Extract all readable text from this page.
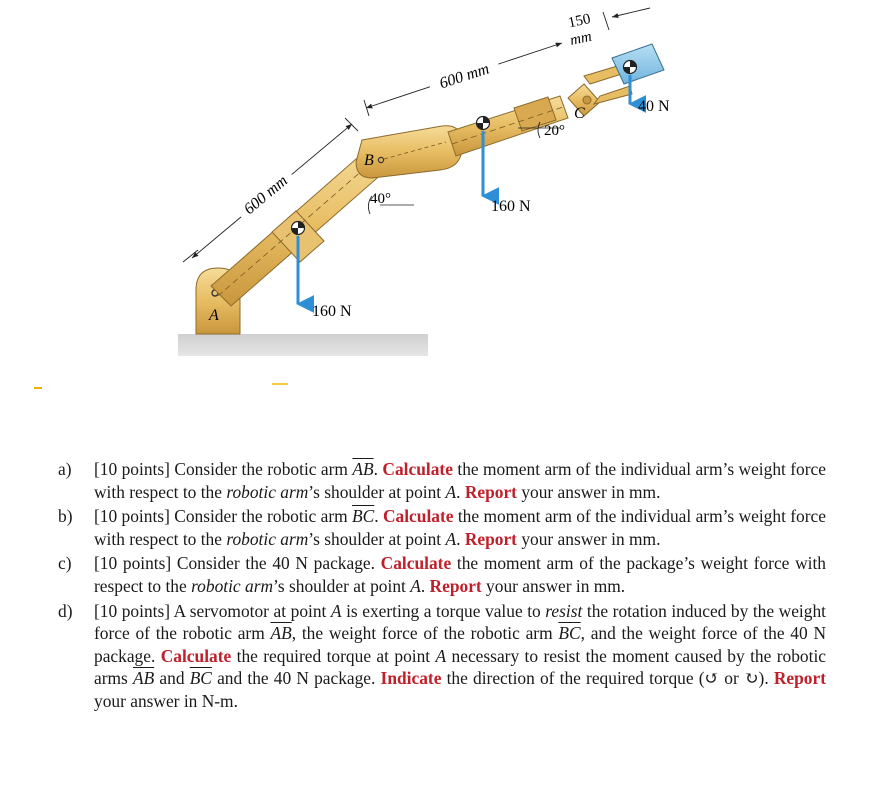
600 mm
160 N
A
B
40°
600 mm
160 N
20°
C	40 N
150
mm
a) [10 points] Consider the robotic arm $\overline{AB}$. Calculate the moment arm of the individual arm’s weight force with respect to the robotic arm’s shoulder at point A. Report your answer in mm.
b) [10 points] Consider the robotic arm $\overline{BC}$. Calculate the moment arm of the individual arm’s weight force with respect to the robotic arm’s shoulder at point A. Report your answer in mm.
c) [10 points] Consider the 40 N package. Calculate the moment arm of the package’s weight force with respect to the robotic arm’s shoulder at point A. Report your answer in mm.
d) [10 points] A servomotor at point A is exerting a torque value to resist the rotation induced by the weight force of the robotic arm $\overline{AB}$, the weight force of the robotic arm $\overline{BC}$, and the weight force of the 40 N package. Calculate the required torque at point A necessary to resist the moment caused by the robotic arms $\overline{AB}$ and $\overline{BC}$ and the 40 N package. Indicate the direction of the required torque (↺ or ↻). Report your answer in N-m.
